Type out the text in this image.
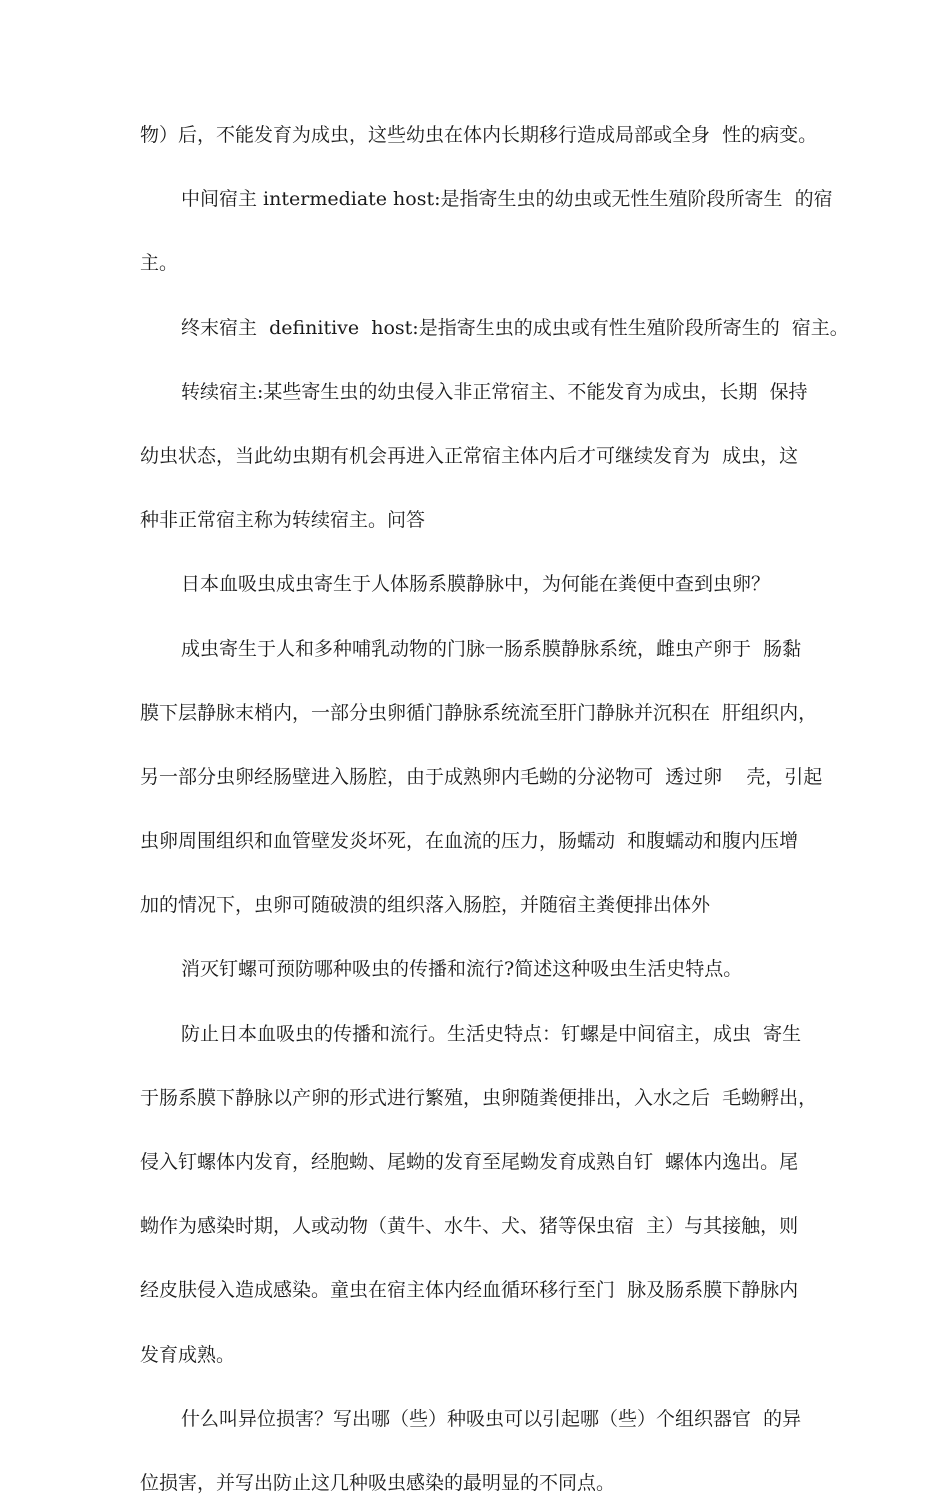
物）后，不能发育为成虫，这些幼虫在体内长期移行造成局部或全身  性的病变。
中间宿主 intermediate host:是指寄生虫的幼虫或无性生殖阶段所寄生  的宿
主。
终末宿主  definitive  host:是指寄生虫的成虫或有性生殖阶段所寄生的  宿主。
转续宿主:某些寄生虫的幼虫侵入非正常宿主、不能发育为成虫，长期  保持
幼虫状态，当此幼虫期有机会再进入正常宿主体内后才可继续发育为  成虫，这
种非正常宿主称为转续宿主。问答
日本血吸虫成虫寄生于人体肠系膜静脉中，为何能在粪便中查到虫卵？
成虫寄生于人和多种哺乳动物的门脉一肠系膜静脉系统，雌虫产卵于  肠黏
膜下层静脉末梢内，一部分虫卵循门静脉系统流至肝门静脉并沉积在  肝组织内，
另一部分虫卵经肠壁进入肠腔，由于成熟卵内毛蚴的分泌物可  透过卵    壳，引起
虫卵周围组织和血管壁发炎坏死，在血流的压力，肠蠕动  和腹蠕动和腹内压增
加的情况下，虫卵可随破溃的组织落入肠腔，并随宿主粪便排出体外
消灭钉螺可预防哪种吸虫的传播和流行?简述这种吸虫生活史特点。
防止日本血吸虫的传播和流行。生活史特点：钉螺是中间宿主，成虫  寄生
于肠系膜下静脉以产卵的形式进行繁殖，虫卵随粪便排出，入水之后  毛蚴孵出，
侵入钉螺体内发育，经胞蚴、尾蚴的发育至尾蚴发育成熟自钉  螺体内逸出。尾
蚴作为感染时期，人或动物（黄牛、水牛、犬、猪等保虫宿  主）与其接触，则
经皮肤侵入造成感染。童虫在宿主体内经血循环移行至门  脉及肠系膜下静脉内
发育成熟。
什么叫异位损害？写出哪（些）种吸虫可以引起哪（些）个组织器官  的异
位损害，并写出防止这几种吸虫感染的最明显的不同点。
